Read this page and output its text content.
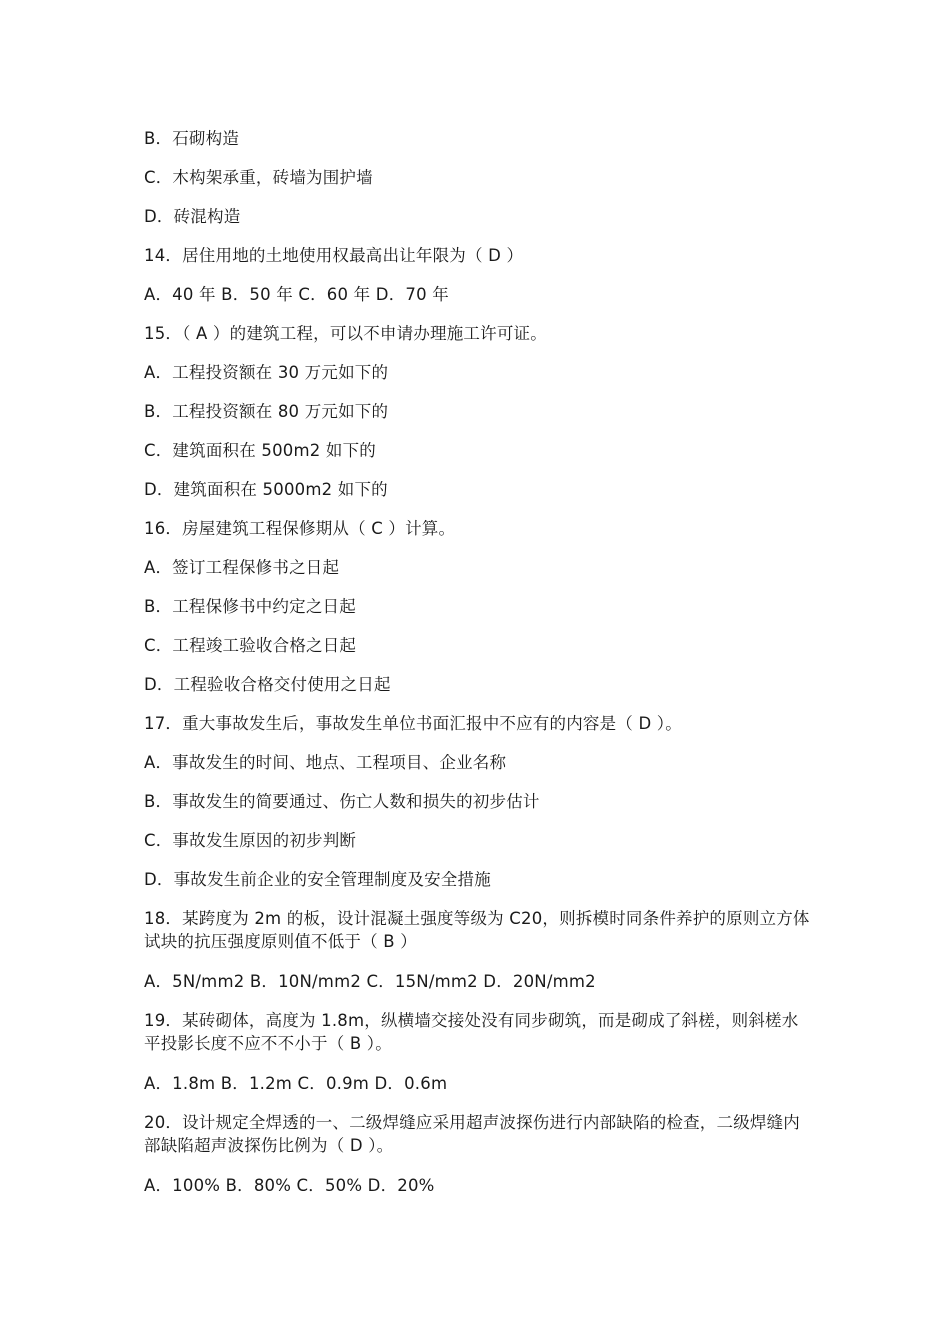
B．石砌构造
C．木构架承重，砖墙为围护墙
D．砖混构造
14．居住用地的土地使用权最高出让年限为（ D ）
A．40 年 B．50 年 C．60 年 D．70 年
15．（ A ）的建筑工程，可以不申请办理施工许可证。
A．工程投资额在 30 万元如下的
B．工程投资额在 80 万元如下的
C．建筑面积在 500m2 如下的
D．建筑面积在 5000m2 如下的
16．房屋建筑工程保修期从（ C ）计算。
A．签订工程保修书之日起
B．工程保修书中约定之日起
C．工程竣工验收合格之日起
D．工程验收合格交付使用之日起
17．重大事故发生后，事故发生单位书面汇报中不应有的内容是（ D ）。
A．事故发生的时间、地点、工程项目、企业名称
B．事故发生的简要通过、伤亡人数和损失的初步估计
C．事故发生原因的初步判断
D．事故发生前企业的安全管理制度及安全措施
18．某跨度为 2m 的板，设计混凝土强度等级为 C20，则拆模时同条件养护的原则立方体试块的抗压强度原则值不低于（ B ）
A．5N/mm2 B．10N/mm2 C．15N/mm2 D．20N/mm2
19．某砖砌体，高度为 1.8m，纵横墙交接处没有同步砌筑，而是砌成了斜槎，则斜槎水平投影长度不应不不小于（ B ）。
A．1.8m B．1.2m C．0.9m D．0.6m
20．设计规定全焊透的一、二级焊缝应采用超声波探伤进行内部缺陷的检查，二级焊缝内部缺陷超声波探伤比例为（ D ）。
A．100% B．80% C．50% D．20%
